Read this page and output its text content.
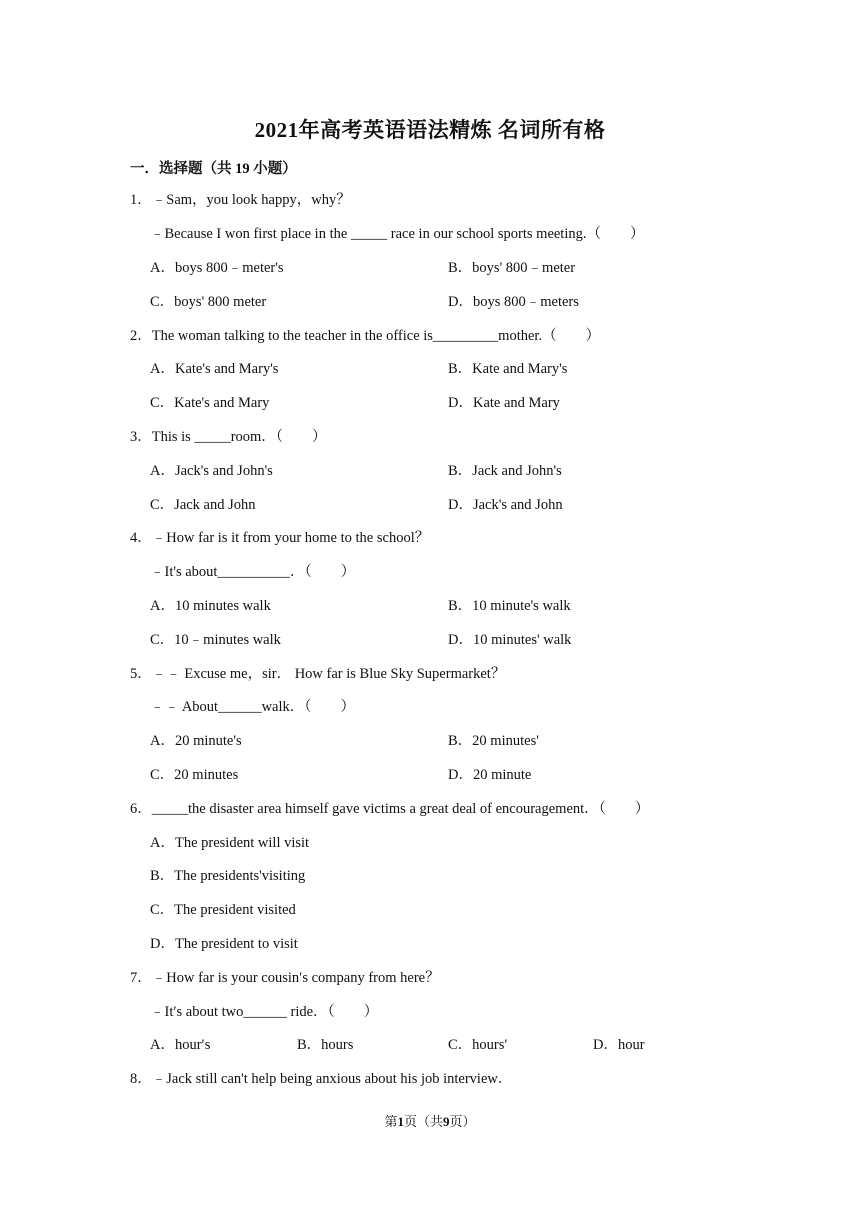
2021年高考英语语法精炼 名词所有格
一．选择题（共 19 小题）
1．﹣Sam，you look happy，why？
﹣Because I won first place in the _____ race in our school sports meeting.（　　）
A．boys 800﹣meter's	B．boys' 800﹣meter
C．boys' 800 meter	D．boys 800﹣meters
2．The woman talking to the teacher in the office is_________mother.（　　）
A．Kate's and Mary's	B．Kate and Mary's
C．Kate's and Mary	D．Kate and Mary
3．This is _____room．（　　）
A．Jack's and John's	B．Jack and John's
C．Jack and John	D．Jack's and John
4．﹣How far is it from your home to the school？
﹣It's about__________．（　　）
A．10 minutes walk	B．10 minute's walk
C．10﹣minutes walk	D．10 minutes' walk
5．﹣﹣ Excuse me，sir． How far is Blue Sky Supermarket？
﹣﹣ About______walk．（　　）
A．20 minute's	B．20 minutes'
C．20 minutes	D．20 minute
6．_____the disaster area himself gave victims a great deal of encouragement．（　　）
A．The president will visit
B．The presidents'visiting
C．The president visited
D．The president to visit
7．﹣How far is your cousin′s company from here？
﹣It′s about two______ ride．（　　）
A．hour′s	B．hours	C．hours′	D．hour
8．﹣Jack still can't help being anxious about his job interview．
第1页（共9页）
